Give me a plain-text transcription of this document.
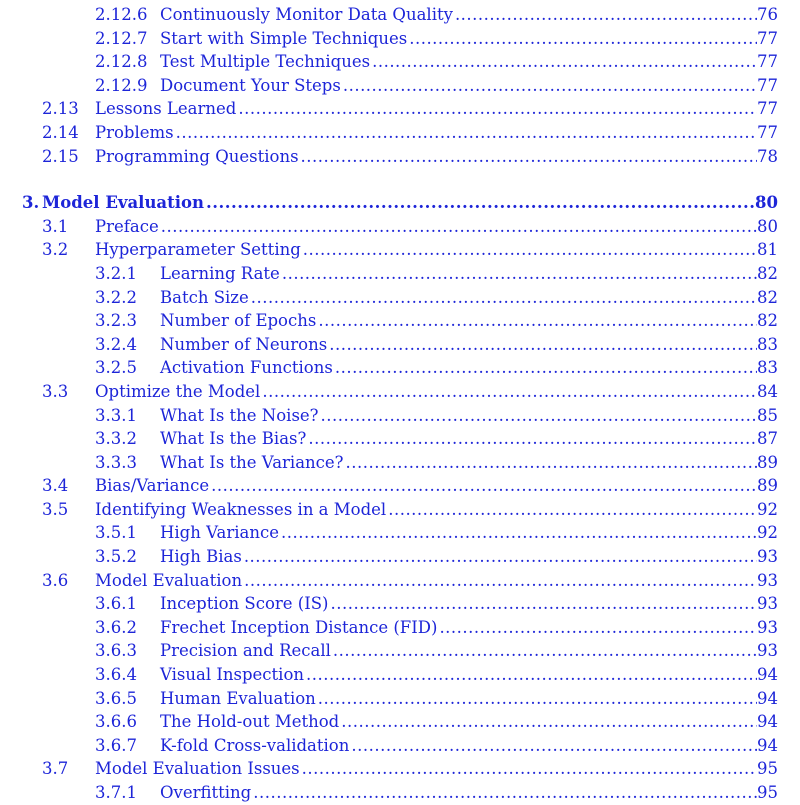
2.12.6 Continuously Monitor Data Quality .....	76
2.12.7 Start with Simple Techniques .....	77
2.12.8 Test Multiple Techniques .....	77
2.12.9 Document Your Steps .....	77
2.13 Lessons Learned .....	77
2.14 Problems .....	77
2.15 Programming Questions .....	78
3. Model Evaluation .....	80
3.1 Preface .....	80
3.2 Hyperparameter Setting .....	81
3.2.1 Learning Rate .....	82
3.2.2 Batch Size .....	82
3.2.3 Number of Epochs .....	82
3.2.4 Number of Neurons .....	83
3.2.5 Activation Functions .....	83
3.3 Optimize the Model .....	84
3.3.1 What Is the Noise? .....	85
3.3.2 What Is the Bias? .....	87
3.3.3 What Is the Variance? .....	89
3.4 Bias/Variance .....	89
3.5 Identifying Weaknesses in a Model .....	92
3.5.1 High Variance .....	92
3.5.2 High Bias .....	93
3.6 Model Evaluation .....	93
3.6.1 Inception Score (IS) .....	93
3.6.2 Frechet Inception Distance (FID) .....	93
3.6.3 Precision and Recall .....	93
3.6.4 Visual Inspection .....	94
3.6.5 Human Evaluation .....	94
3.6.6 The Hold-out Method .....	94
3.6.7 K-fold Cross-validation .....	94
3.7 Model Evaluation Issues .....	95
3.7.1 Overfitting .....	95
